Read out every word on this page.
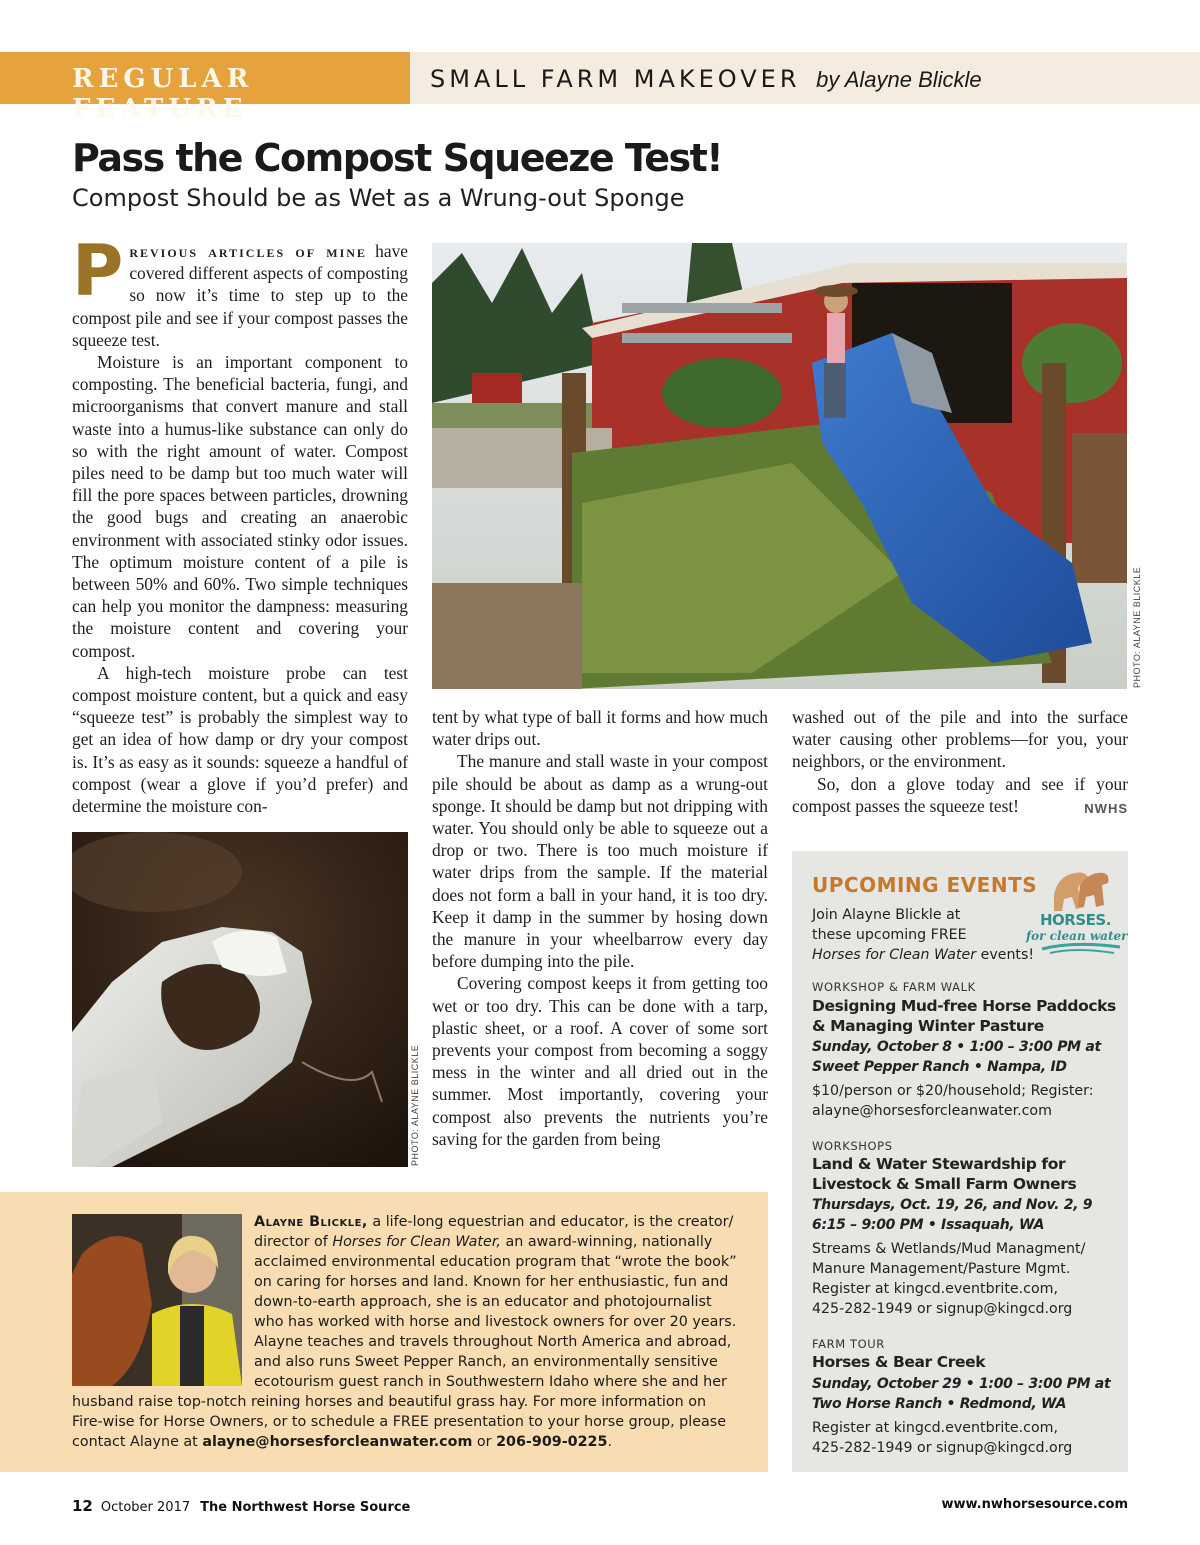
REGULAR FEATURE
SMALL FARM MAKEOVER by Alayne Blickle
Pass the Compost Squeeze Test!
Compost Should be as Wet as a Wrung-out Sponge

Previous articles of mine have covered different aspects of composting so now it’s time to step up to the compost pile and see if your compost passes the squeeze test.

Moisture is an important component to composting. The beneficial bacteria, fungi, and microorganisms that convert manure and stall waste into a humus-like substance can only do so with the right amount of water. Compost piles need to be damp but too much water will fill the pore spaces between particles, drowning the good bugs and creating an anaerobic environment with associated stinky odor issues. The optimum moisture content of a pile is between 50% and 60%. Two simple techniques can help you monitor the dampness: measuring the moisture content and covering your compost.

A high-tech moisture probe can test compost moisture content, but a quick and easy “squeeze test” is probably the simplest way to get an idea of how damp or dry your compost is. It’s as easy as it sounds: squeeze a handful of compost (wear a glove if you’d prefer) and determine the moisture con-

PHOTO: ALAYNE BLICKLE
PHOTO: ALAYNE BLICKLE

tent by what type of ball it forms and how much water drips out.

The manure and stall waste in your compost pile should be about as damp as a wrung-out sponge. It should be damp but not dripping with water. You should only be able to squeeze out a drop or two. There is too much moisture if water drips from the sample. If the material does not form a ball in your hand, it is too dry. Keep it damp in the summer by hosing down the manure in your wheelbarrow every day before dumping into the pile.

Covering compost keeps it from getting too wet or too dry. This can be done with a tarp, plastic sheet, or a roof. A cover of some sort prevents your compost from becoming a soggy mess in the winter and all dried out in the summer. Most importantly, covering your compost also prevents the nutrients you’re saving for the garden from being

washed out of the pile and into the surface water causing other problems—for you, your neighbors, or the environment.

So, don a glove today and see if your compost passes the squeeze test!	NWHS

Alayne Blickle, a life-long equestrian and educator, is the creator/
director of Horses for Clean Water, an award-winning, nationally
acclaimed environmental education program that “wrote the book”
on caring for horses and land. Known for her enthusiastic, fun and
down-to-earth approach, she is an educator and photojournalist
who has worked with horse and livestock owners for over 20 years.
Alayne teaches and travels throughout North America and abroad,
and also runs Sweet Pepper Ranch, an environmentally sensitive
ecotourism guest ranch in Southwestern Idaho where she and her
husband raise top-notch reining horses and beautiful grass hay. For more information on
Fire-wise for Horse Owners, or to schedule a FREE presentation to your horse group, please
contact Alayne at alayne@horsesforcleanwater.com or 206-909-0225.
UPCOMING EVENTS
HORSES.
for clean water
Join Alayne Blickle at
these upcoming FREE
Horses for Clean Water events!
WORKSHOP & FARM WALK
Designing Mud-free Horse Paddocks
& Managing Winter Pasture
Sunday, October 8 • 1:00 – 3:00 PM at
Sweet Pepper Ranch • Nampa, ID
$10/person or $20/household; Register:
alayne@horsesforcleanwater.com
WORKSHOPS
Land & Water Stewardship for
Livestock & Small Farm Owners
Thursdays, Oct. 19, 26, and Nov. 2, 9
6:15 – 9:00 PM • Issaquah, WA
Streams & Wetlands/Mud Managment/
Manure Management/Pasture Mgmt.
Register at kingcd.eventbrite.com,
425-282-1949 or signup@kingcd.org
FARM TOUR
Horses & Bear Creek
Sunday, October 29 • 1:00 – 3:00 PM at
Two Horse Ranch • Redmond, WA
Register at kingcd.eventbrite.com,
425-282-1949 or signup@kingcd.org
12 October 2017 The Northwest Horse Source	www.nwhorsesource.com
